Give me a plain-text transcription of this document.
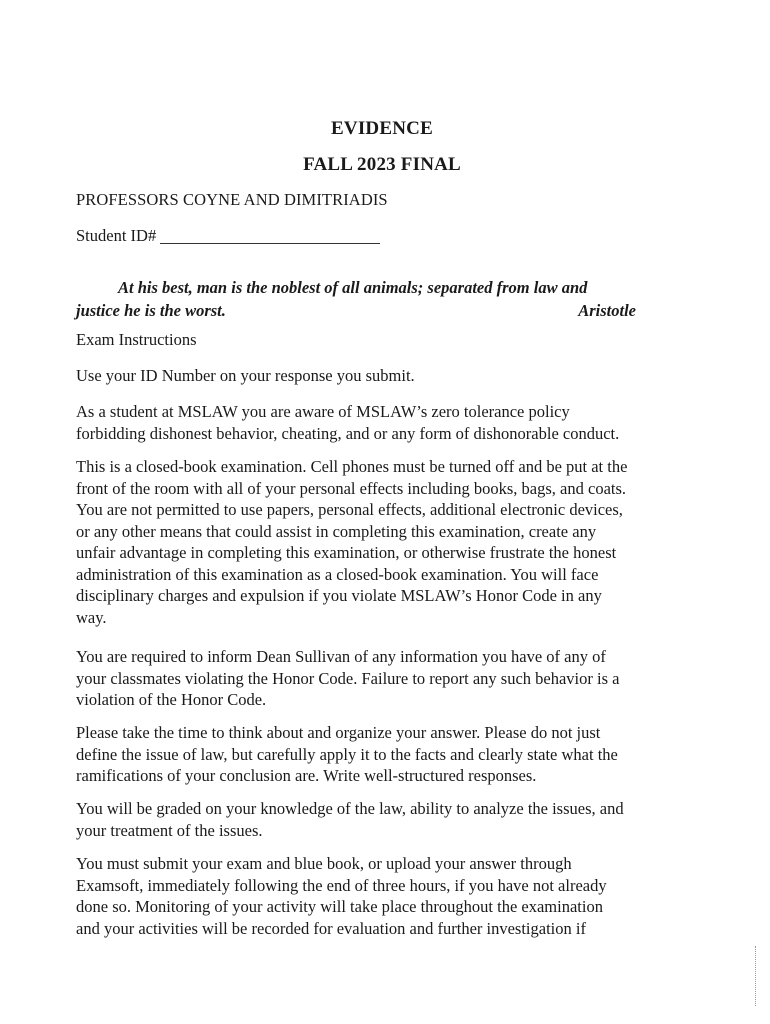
EVIDENCE
FALL 2023 FINAL
PROFESSORS COYNE AND DIMITRIADIS
Student ID#
At his best, man is the noblest of all animals; separated from law and
justice he is the worst.	Aristotle
Exam Instructions
Use your ID Number on your response you submit.
As a student at MSLAW you are aware of MSLAW’s zero tolerance policy
forbidding dishonest behavior, cheating, and or any form of dishonorable conduct.
This is a closed-book examination. Cell phones must be turned off and be put at the
front of the room with all of your personal effects including books, bags, and coats.
You are not permitted to use papers, personal effects, additional electronic devices,
or any other means that could assist in completing this examination, create any
unfair advantage in completing this examination, or otherwise frustrate the honest
administration of this examination as a closed-book examination. You will face
disciplinary charges and expulsion if you violate MSLAW’s Honor Code in any
way.
You are required to inform Dean Sullivan of any information you have of any of
your classmates violating the Honor Code. Failure to report any such behavior is a
violation of the Honor Code.
Please take the time to think about and organize your answer. Please do not just
define the issue of law, but carefully apply it to the facts and clearly state what the
ramifications of your conclusion are. Write well-structured responses.
You will be graded on your knowledge of the law, ability to analyze the issues, and
your treatment of the issues.
You must submit your exam and blue book, or upload your answer through
Examsoft, immediately following the end of three hours, if you have not already
done so. Monitoring of your activity will take place throughout the examination
and your activities will be recorded for evaluation and further investigation if
